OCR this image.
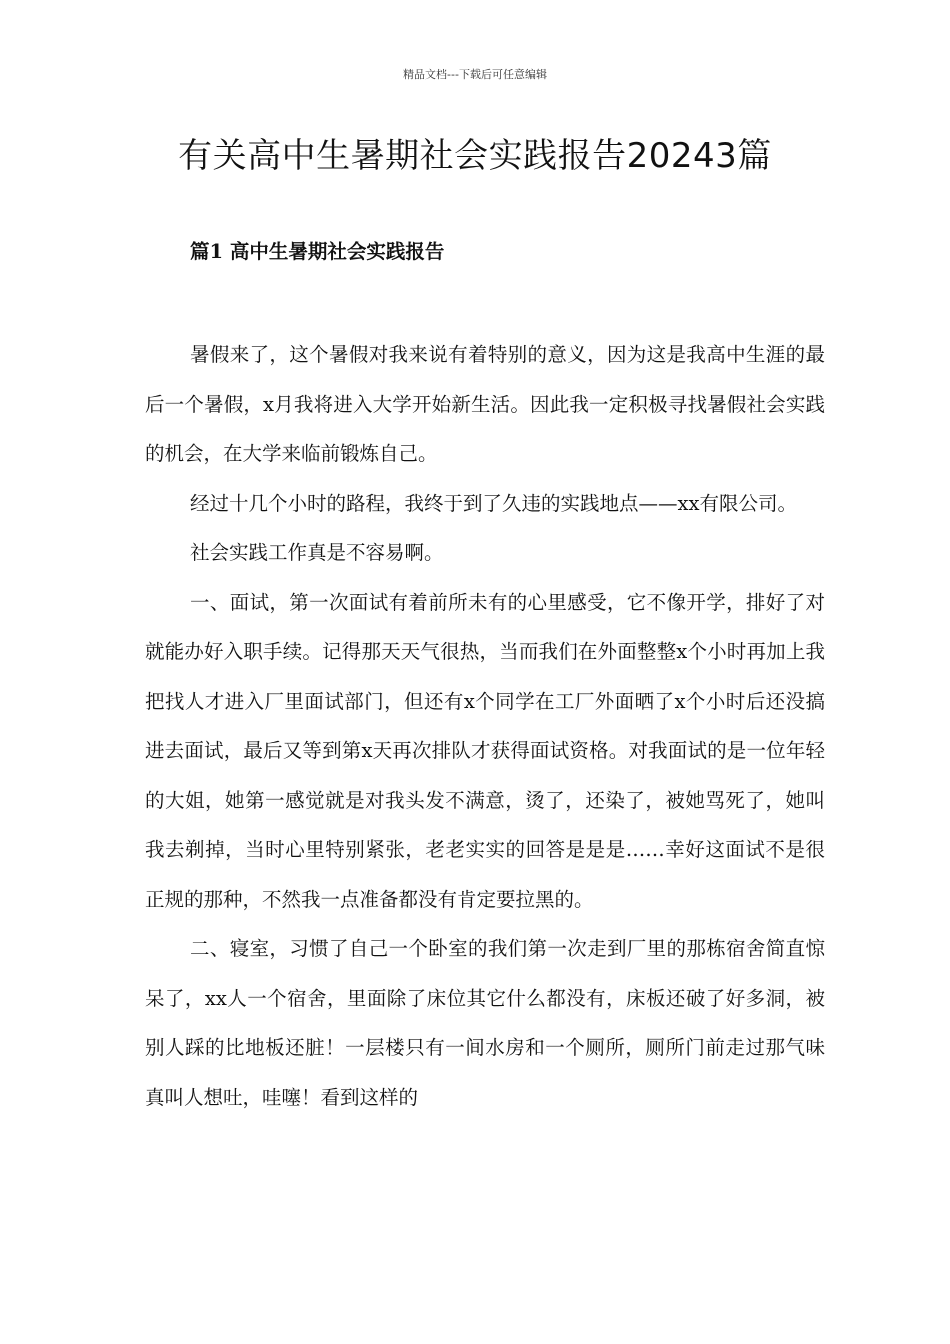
精品文档---下载后可任意编辑
有关高中生暑期社会实践报告20243篇
篇1 高中生暑期社会实践报告

暑假来了，这个暑假对我来说有着特别的意义，因为这是我高中生涯的最后一个暑假，x月我将进入大学开始新生活。因此我一定积极寻找暑假社会实践的机会，在大学来临前锻炼自己。

经过十几个小时的路程，我终于到了久违的实践地点——xx有限公司。

社会实践工作真是不容易啊。

一、面试，第一次面试有着前所未有的心里感受，它不像开学，排好了对就能办好入职手续。记得那天天气很热，当而我们在外面整整x个小时再加上我把找人才进入厂里面试部门，但还有x个同学在工厂外面晒了x个小时后还没搞进去面试，最后又等到第x天再次排队才获得面试资格。对我面试的是一位年轻的大姐，她第一感觉就是对我头发不满意，烫了，还染了，被她骂死了，她叫我去剃掉，当时心里特别紧张，老老实实的回答是是是……幸好这面试不是很正规的那种，不然我一点准备都没有肯定要拉黑的。

二、寝室，习惯了自己一个卧室的我们第一次走到厂里的那栋宿舍简直惊呆了，xx人一个宿舍，里面除了床位其它什么都没有，床板还破了好多洞，被别人踩的比地板还脏！一层楼只有一间水房和一个厕所，厕所门前走过那气味真叫人想吐，哇噻！看到这样的
